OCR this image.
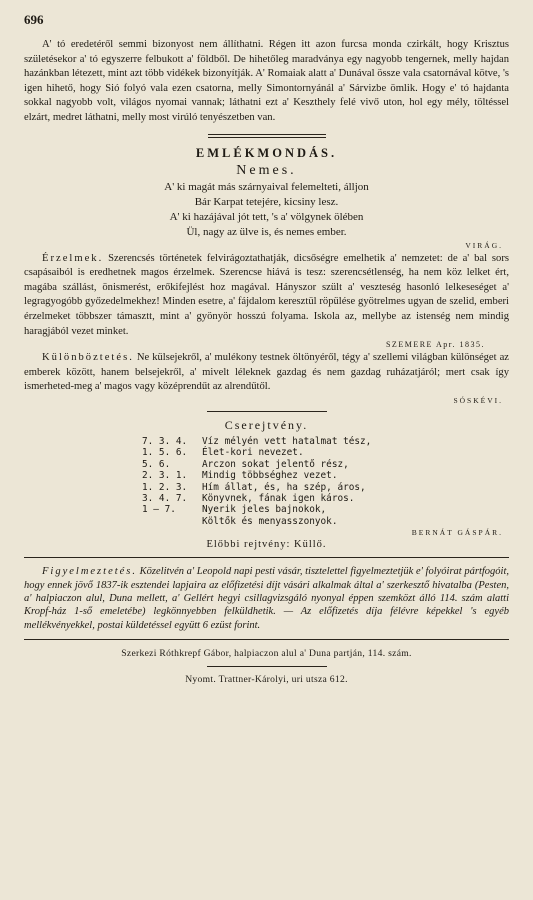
696

A' tó eredetéről semmi bizonyost nem állíthatni. Régen itt azon furcsa monda czirkált, hogy Krisztus születésekor a' tó egyszerre felbukott a' földből. De hihetőleg maradványa egy nagyobb tengernek, melly hajdan hazánkban létezett, mint azt több vidékek bizonyítják. A' Romaiak alatt a' Dunával össze vala csatornával kötve, 's igen hihető, hogy Sió folyó vala ezen csatorna, melly Simontornyánál a' Sárvizbe ömlik. Hogy e' tó hajdanta sokkal nagyobb volt, világos nyomai vannak; láthatni ezt a' Keszthely felé vivő uton, hol egy mély, töltéssel elzárt, medret láthatni, melly most virúló tenyészetben van.

EMLÉKMONDÁS.
Nemes.
A' ki magát más szárnyaival felemelteti, álljon
Bár Karpat tetejére, kicsiny lesz.
A' ki hazájával jót tett, 's a' völgynek ölében
Ül, nagy az ülve is, és nemes ember.
VIRÁG.

Érzelmek. Szerencsés történetek felvirágoztathatják, dicsőségre emelhetik a' nemzetet: de a' bal sors csapásaiból is eredhetnek magos érzelmek. Szerencse hiává is tesz: szerencsétlenség, ha nem köz lelket ért, magába szállást, önismerést, erőkifejlést hoz magával. Hányszor szült a' veszteség hasonló lelkeseséget a' legragyogóbb győzedelmekhez! Minden esetre, a' fájdalom keresztül röpülése gyötrelmes ugyan de szelid, emberi érzelmeket többszer támasztt, mint a' gyönyör hosszú folyama. Iskola az, mellybe az istenség nem mindig haragjából vezet minket.

SZEMERE Apr. 1835.

Különböztetés. Ne külsejekről, a' mulékony testnek öltönyéről, tégy a' szellemi világban különséget az emberek között, hanem belsejekről, a' mivelt léleknek gazdag és nem gazdag ruházatjáról; mert csak így ismerheted-meg a' magos vagy középrendűt az alrendűtől.

SÓSKÉVI.
Cserejtvény.
7. 3. 4.	Víz mélyén vett hatalmat tész,
1. 5. 6.	Élet-kori nevezet.
5. 6.	Arczon sokat jelentő rész,
2. 3. 1.	Mindig többséghez vezet.
1. 2. 3.	Hím állat, és, ha szép, áros,
3. 4. 7.	Könyvnek, fának igen káros.
1 — 7.	Nyerik jeles bajnokok,
Költők és menyasszonyok.
BERNÁT GÁSPÁR.
Előbbi rejtvény: Küllő.

Figyelmeztetés. Közelitvén a' Leopold napi pesti vásár, tisztelettel figyelmeztetjük e' folyóirat pártfogóit, hogy ennek jövő 1837-ik esztendei lapjaira az előfizetési díjt vásári alkalmak által a' szerkesztő hivatalba (Pesten, a' halpiaczon alul, Duna mellett, a' Gellért hegyi csillagvizsgáló nyonyal éppen szemközt álló 114. szám alatti Kropf-ház 1-ső emeletébe) legkönnyebben felküldhetik. — Az előfizetés díja félévre képekkel 's egyéb mellékvényekkel, postai küldetéssel együtt 6 ezüst forint.

Szerkezi Róthkrepf Gábor, halpiaczon alul a' Duna partján, 114. szám.
Nyomt. Trattner-Károlyi, uri utsza 612.
